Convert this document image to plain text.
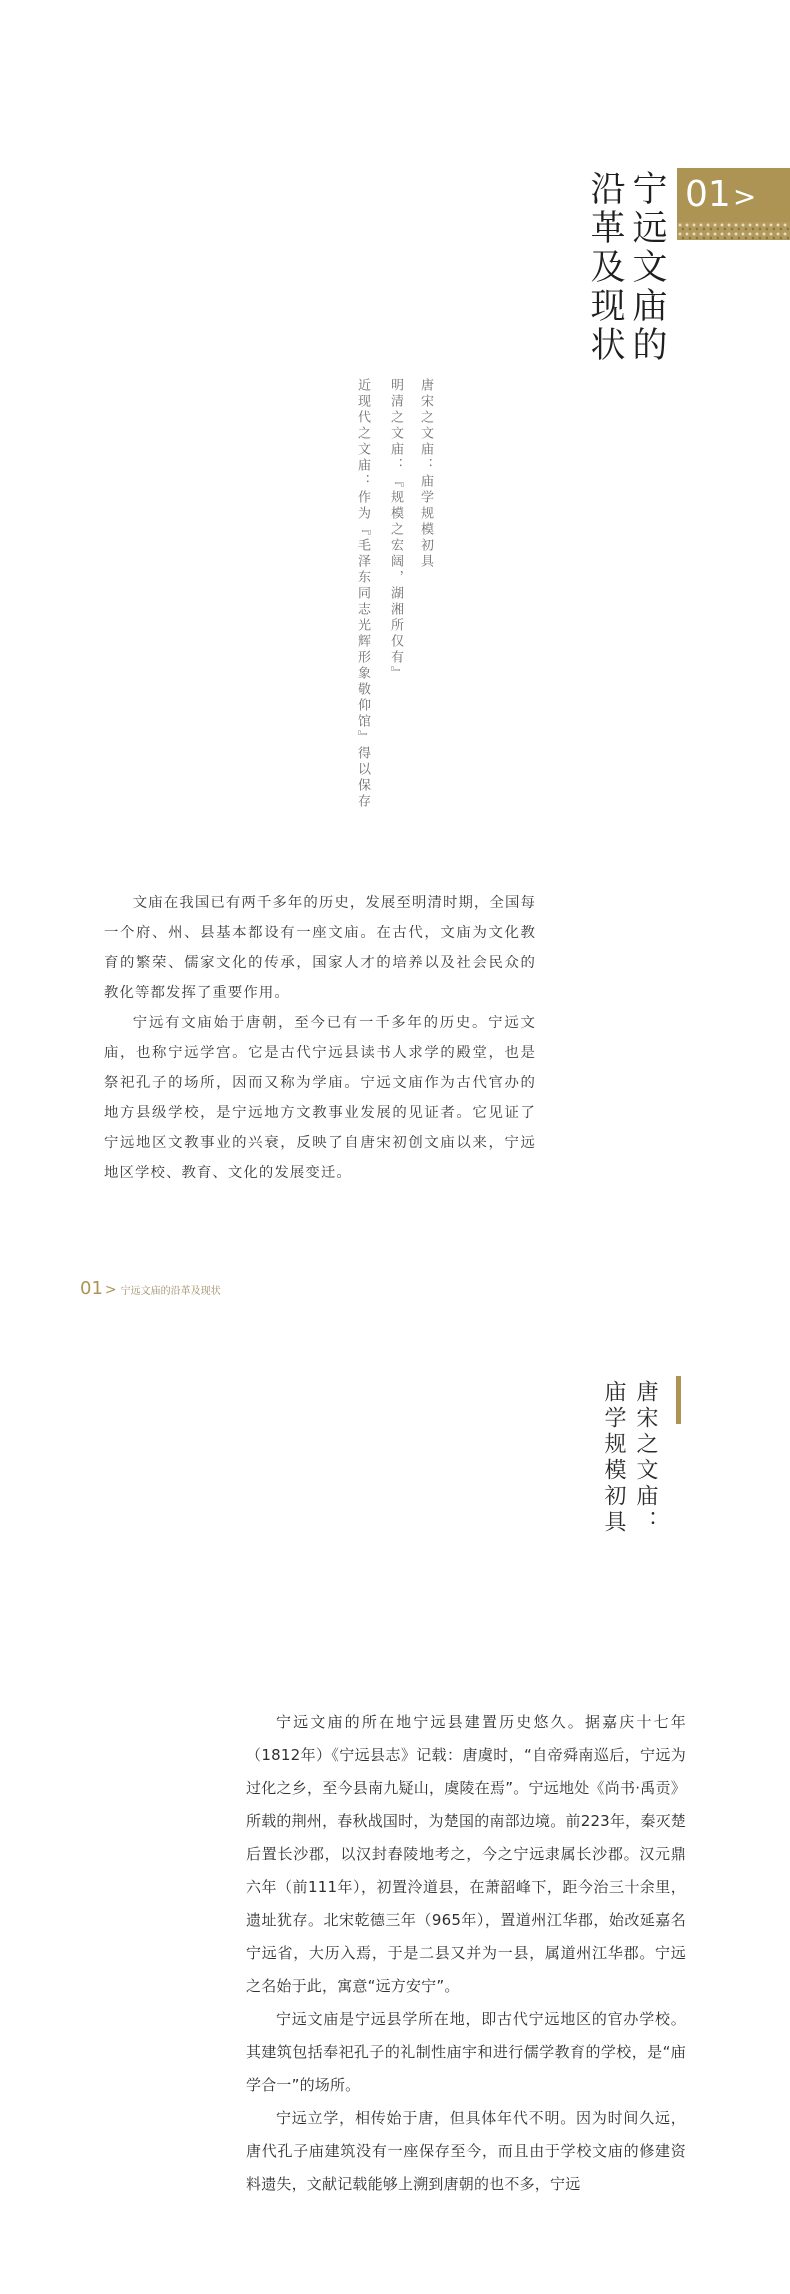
01>
宁远文庙的
沿革及现状
唐宋之文庙：庙学规模初具
明清之文庙：『规模之宏阔，湖湘所仅有』
近现代之文庙：作为『毛泽东同志光辉形象敬仰馆』得以保存

文庙在我国已有两千多年的历史，发展至明清时期，全国每一个府、州、县基本都设有一座文庙。在古代，文庙为文化教育的繁荣、儒家文化的传承，国家人才的培养以及社会民众的教化等都发挥了重要作用。

宁远有文庙始于唐朝，至今已有一千多年的历史。宁远文庙，也称宁远学宫。它是古代宁远县读书人求学的殿堂，也是祭祀孔子的场所，因而又称为学庙。宁远文庙作为古代官办的地方县级学校，是宁远地方文教事业发展的见证者。它见证了宁远地区文教事业的兴衰，反映了自唐宋初创文庙以来，宁远地区学校、教育、文化的发展变迁。

01 > 宁远文庙的沿革及现状
唐宋之文庙：
庙学规模初具

宁远文庙的所在地宁远县建置历史悠久。据嘉庆十七年（1812年）《宁远县志》记载：唐虞时，“自帝舜南巡后，宁远为过化之乡，至今县南九疑山，虞陵在焉”。宁远地处《尚书·禹贡》所载的荆州，春秋战国时，为楚国的南部边境。前223年，秦灭楚后置长沙郡，以汉封舂陵地考之，今之宁远隶属长沙郡。汉元鼎六年（前111年），初置泠道县，在萧韶峰下，距今治三十余里，遗址犹存。北宋乾德三年（965年），置道州江华郡，始改延嘉名宁远省，大历入焉，于是二县又并为一县，属道州江华郡。宁远之名始于此，寓意“远方安宁”。

宁远文庙是宁远县学所在地，即古代宁远地区的官办学校。其建筑包括奉祀孔子的礼制性庙宇和进行儒学教育的学校，是“庙学合一”的场所。

宁远立学，相传始于唐，但具体年代不明。因为时间久远，唐代孔子庙建筑没有一座保存至今，而且由于学校文庙的修建资料遗失，文献记载能够上溯到唐朝的也不多，宁远
